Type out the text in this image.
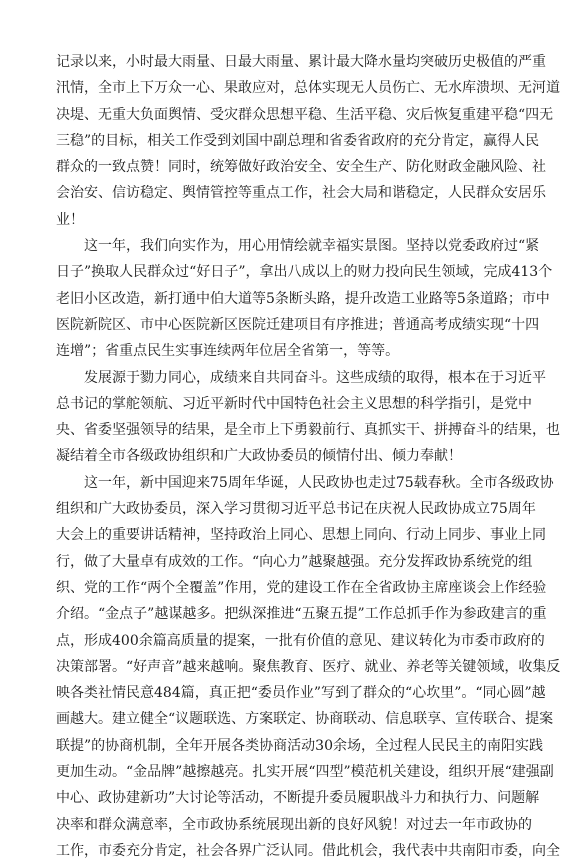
记录以来，小时最大雨量、日最大雨量、累计最大降水量均突破历史极值的严重
汛情，全市上下万众一心、果敢应对，总体实现无人员伤亡、无水库溃坝、无河道
决堤、无重大负面舆情、受灾群众思想平稳、生活平稳、灾后恢复重建平稳“四无
三稳”的目标，相关工作受到刘国中副总理和省委省政府的充分肯定，赢得人民
群众的一致点赞！同时，统筹做好政治安全、安全生产、防化财政金融风险、社
会治安、信访稳定、舆情管控等重点工作，社会大局和谐稳定，人民群众安居乐
业！
这一年，我们向实作为，用心用情绘就幸福实景图。坚持以党委政府过“紧
日子”换取人民群众过“好日子”，拿出八成以上的财力投向民生领域，完成413个
老旧小区改造，新打通中伯大道等5条断头路，提升改造工业路等5条道路；市中
医院新院区、市中心医院新区医院迁建项目有序推进；普通高考成绩实现“十四
连增”；省重点民生实事连续两年位居全省第一，等等。
发展源于勠力同心，成绩来自共同奋斗。这些成绩的取得，根本在于习近平
总书记的掌舵领航、习近平新时代中国特色社会主义思想的科学指引，是党中
央、省委坚强领导的结果，是全市上下勇毅前行、真抓实干、拼搏奋斗的结果，也
凝结着全市各级政协组织和广大政协委员的倾情付出、倾力奉献！
这一年，新中国迎来75周年华诞，人民政协也走过75载春秋。全市各级政协
组织和广大政协委员，深入学习贯彻习近平总书记在庆祝人民政协成立75周年
大会上的重要讲话精神，坚持政治上同心、思想上同向、行动上同步、事业上同
行，做了大量卓有成效的工作。“向心力”越聚越强。充分发挥政协系统党的组
织、党的工作“两个全覆盖”作用，党的建设工作在全省政协主席座谈会上作经验
介绍。“金点子”越谋越多。把纵深推进“五聚五提”工作总抓手作为参政建言的重
点，形成400余篇高质量的提案，一批有价值的意见、建议转化为市委市政府的
决策部署。“好声音”越来越响。聚焦教育、医疗、就业、养老等关键领域，收集反
映各类社情民意484篇，真正把“委员作业”写到了群众的“心坎里”。“同心圆”越
画越大。建立健全“议题联选、方案联定、协商联动、信息联享、宣传联合、提案
联提”的协商机制，全年开展各类协商活动30余场，全过程人民民主的南阳实践
更加生动。“金品牌”越擦越亮。扎实开展“四型”模范机关建设，组织开展“建强副
中心、政协建新功”大讨论等活动，不断提升委员履职战斗力和执行力、问题解
决率和群众满意率，全市政协系统展现出新的良好风貌！对过去一年市政协的
工作，市委充分肯定，社会各界广泛认同。借此机会，我代表中共南阳市委，向全
